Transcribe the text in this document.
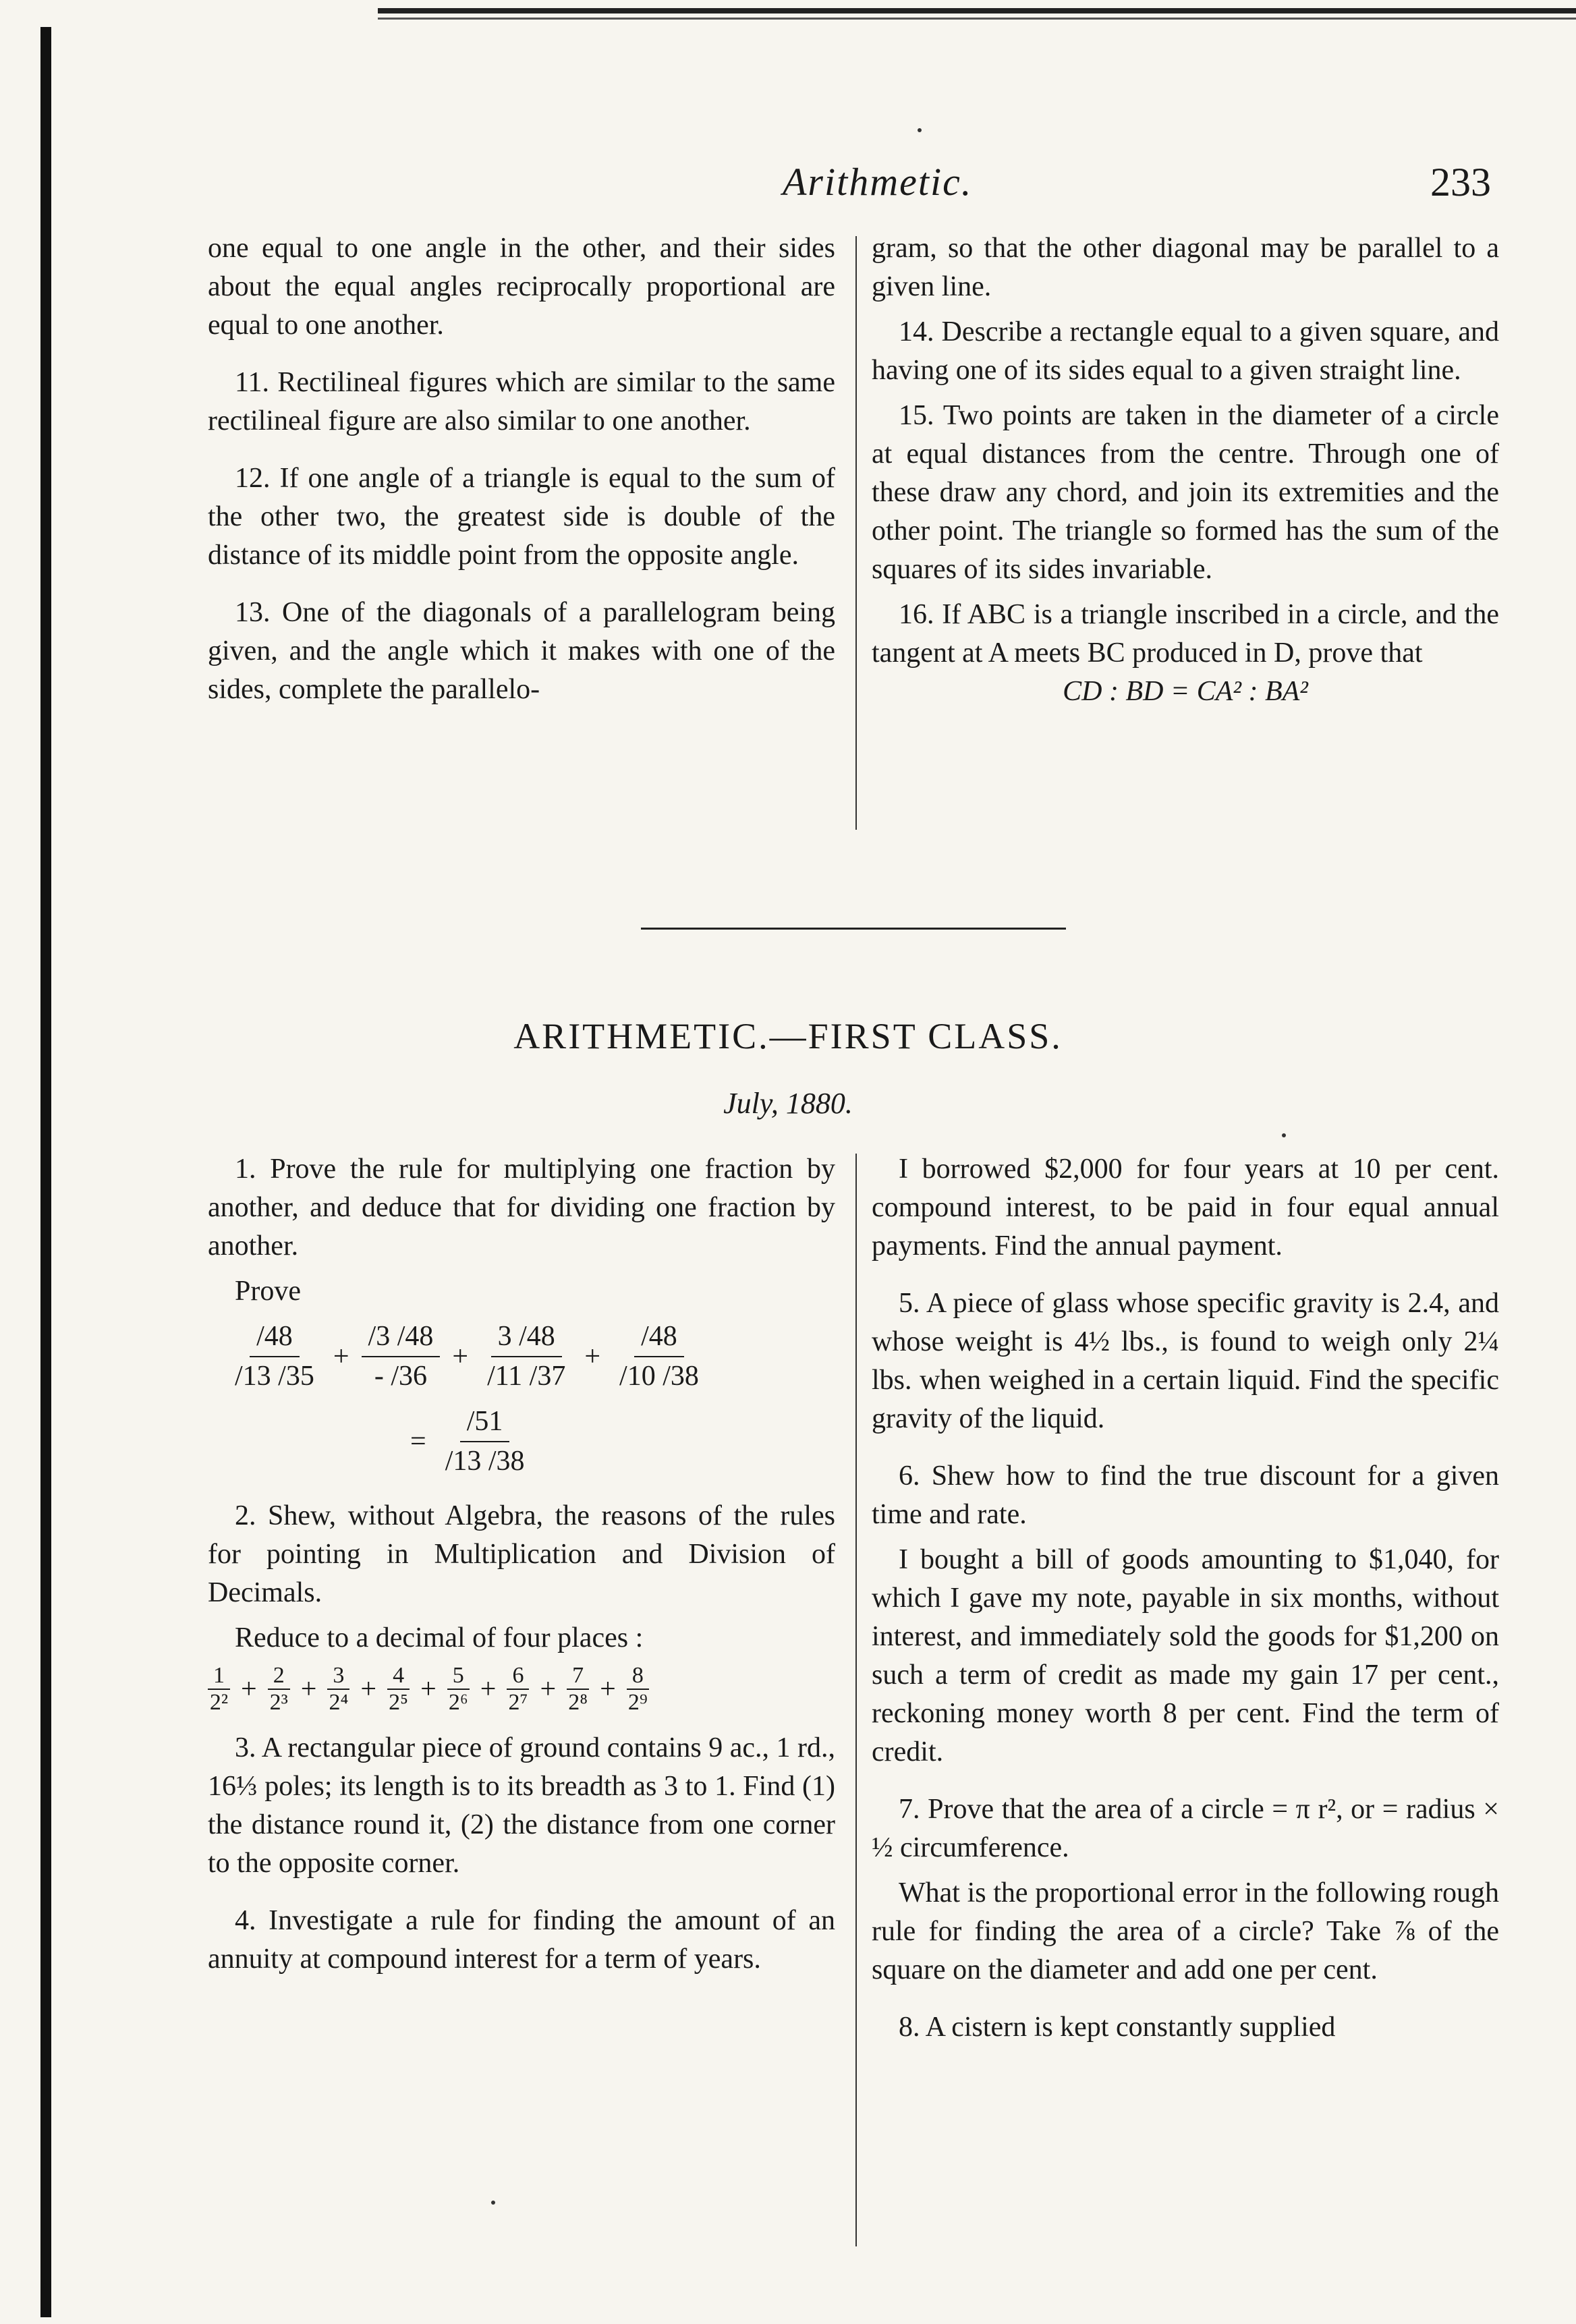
Arithmetic.	233

one equal to one angle in the other, and their sides about the equal angles reciprocally proportional are equal to one another.

11. Rectilineal figures which are similar to the same rectilineal figure are also similar to one another.

12. If one angle of a triangle is equal to the sum of the other two, the greatest side is double of the distance of its middle point from the opposite angle.

13. One of the diagonals of a parallelogram being given, and the angle which it makes with one of the sides, complete the parallelo-

gram, so that the other diagonal may be parallel to a given line.

14. Describe a rectangle equal to a given square, and having one of its sides equal to a given straight line.

15. Two points are taken in the diameter of a circle at equal distances from the centre. Through one of these draw any chord, and join its extremities and the other point. The triangle so formed has the sum of the squares of its sides invariable.

16. If ABC is a triangle inscribed in a circle, and the tangent at A meets BC produced in D, prove that

CD : BD = CA² : BA²
ARITHMETIC.—FIRST CLASS.
July, 1880.

1. Prove the rule for multiplying one fraction by another, and deduce that for dividing one fraction by another.

Prove
$\frac{/48}{/13 /35} + \frac{/3 /48}{- /36} + \frac{3 /48}{/11 /37} + \frac{/48}{/10 /38}$
= $\frac{/51}{/13 /38}$

2. Shew, without Algebra, the reasons of the rules for pointing in Multiplication and Division of Decimals.

Reduce to a decimal of four places :
$\frac{1}{\text{2²}} + \frac{2}{\text{2³}} + \frac{3}{\text{2⁴}} + \frac{4}{\text{2⁵}} + \frac{5}{\text{2⁶}} + \frac{6}{\text{2⁷}} + \frac{7}{\text{2⁸}} + \frac{8}{\text{2⁹}}$

3. A rectangular piece of ground contains 9 ac., 1 rd., 16⅓ poles; its length is to its breadth as 3 to 1. Find (1) the distance round it, (2) the distance from one corner to the opposite corner.

4. Investigate a rule for finding the amount of an annuity at compound interest for a term of years.

I borrowed $2,000 for four years at 10 per cent. compound interest, to be paid in four equal annual payments. Find the annual payment.

5. A piece of glass whose specific gravity is 2.4, and whose weight is 4½ lbs., is found to weigh only 2¼ lbs. when weighed in a certain liquid. Find the specific gravity of the liquid.

6. Shew how to find the true discount for a given time and rate.

I bought a bill of goods amounting to $1,040, for which I gave my note, payable in six months, without interest, and immediately sold the goods for $1,200 on such a term of credit as made my gain 17 per cent., reckoning money worth 8 per cent. Find the term of credit.

7. Prove that the area of a circle = π r², or = radius × ½ circumference.

What is the proportional error in the following rough rule for finding the area of a circle? Take ⅞ of the square on the diameter and add one per cent.

8. A cistern is kept constantly supplied
